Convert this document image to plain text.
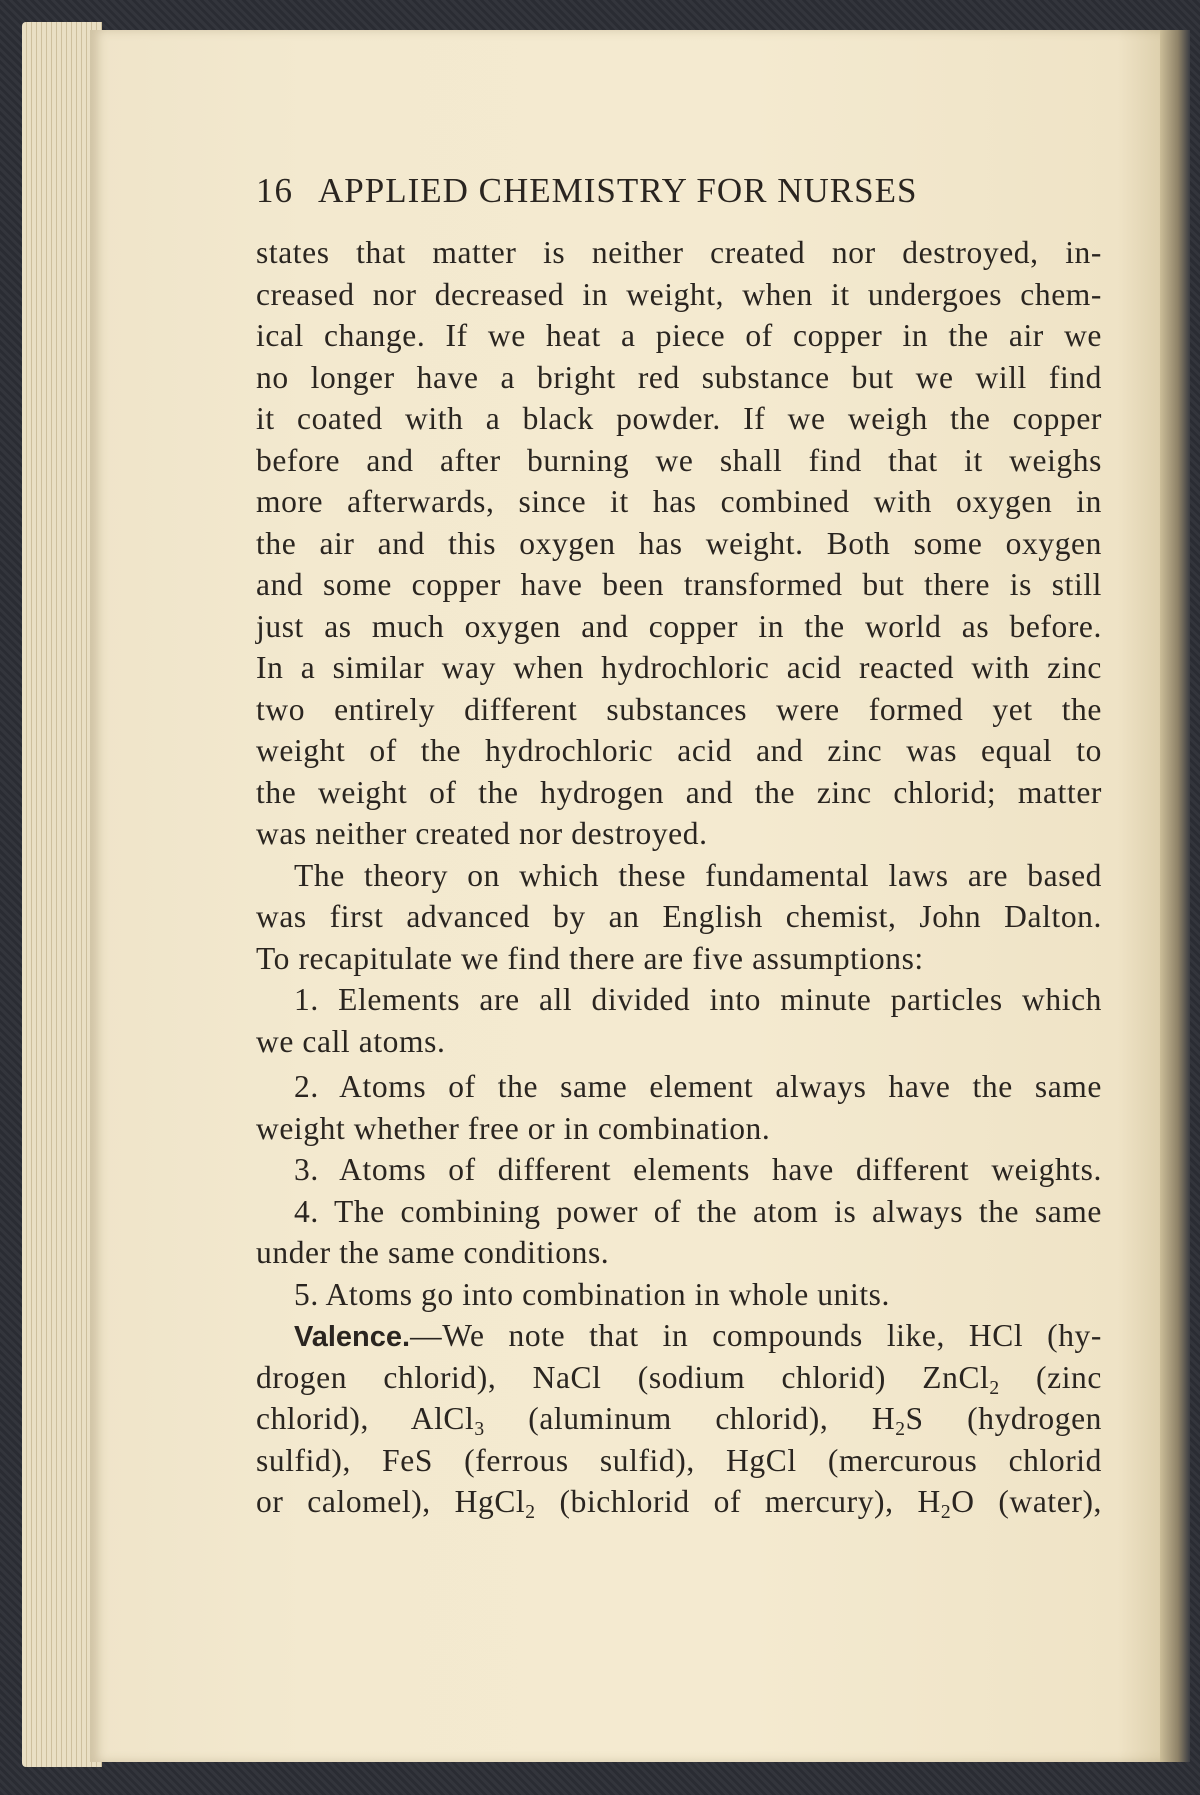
16 APPLIED CHEMISTRY FOR NURSES
states that matter is neither created nor destroyed, in-
creased nor decreased in weight, when it undergoes chem-
ical change. If we heat a piece of copper in the air we
no longer have a bright red substance but we will find
it coated with a black powder. If we weigh the copper
before and after burning we shall find that it weighs
more afterwards, since it has combined with oxygen in
the air and this oxygen has weight. Both some oxygen
and some copper have been transformed but there is still
just as much oxygen and copper in the world as before.
In a similar way when hydrochloric acid reacted with zinc
two entirely different substances were formed yet the
weight of the hydrochloric acid and zinc was equal to
the weight of the hydrogen and the zinc chlorid; matter
was neither created nor destroyed.
The theory on which these fundamental laws are based
was first advanced by an English chemist, John Dalton.
To recapitulate we find there are five assumptions:
1. Elements are all divided into minute particles which
we call atoms.
2. Atoms of the same element always have the same
weight whether free or in combination.
3. Atoms of different elements have different weights.
4. The combining power of the atom is always the same
under the same conditions.
5. Atoms go into combination in whole units.
Valence.—We note that in compounds like, HCl (hy-
drogen chlorid), NaCl (sodium chlorid) ZnCl$_2$ (zinc
chlorid), AlCl$_3$ (aluminum chlorid), $H_2S$ (hydrogen
sulfid), FeS (ferrous sulfid), HgCl (mercurous chlorid
or calomel), HgCl$_2$ (bichlorid of mercury), $H_2O$ (water),
